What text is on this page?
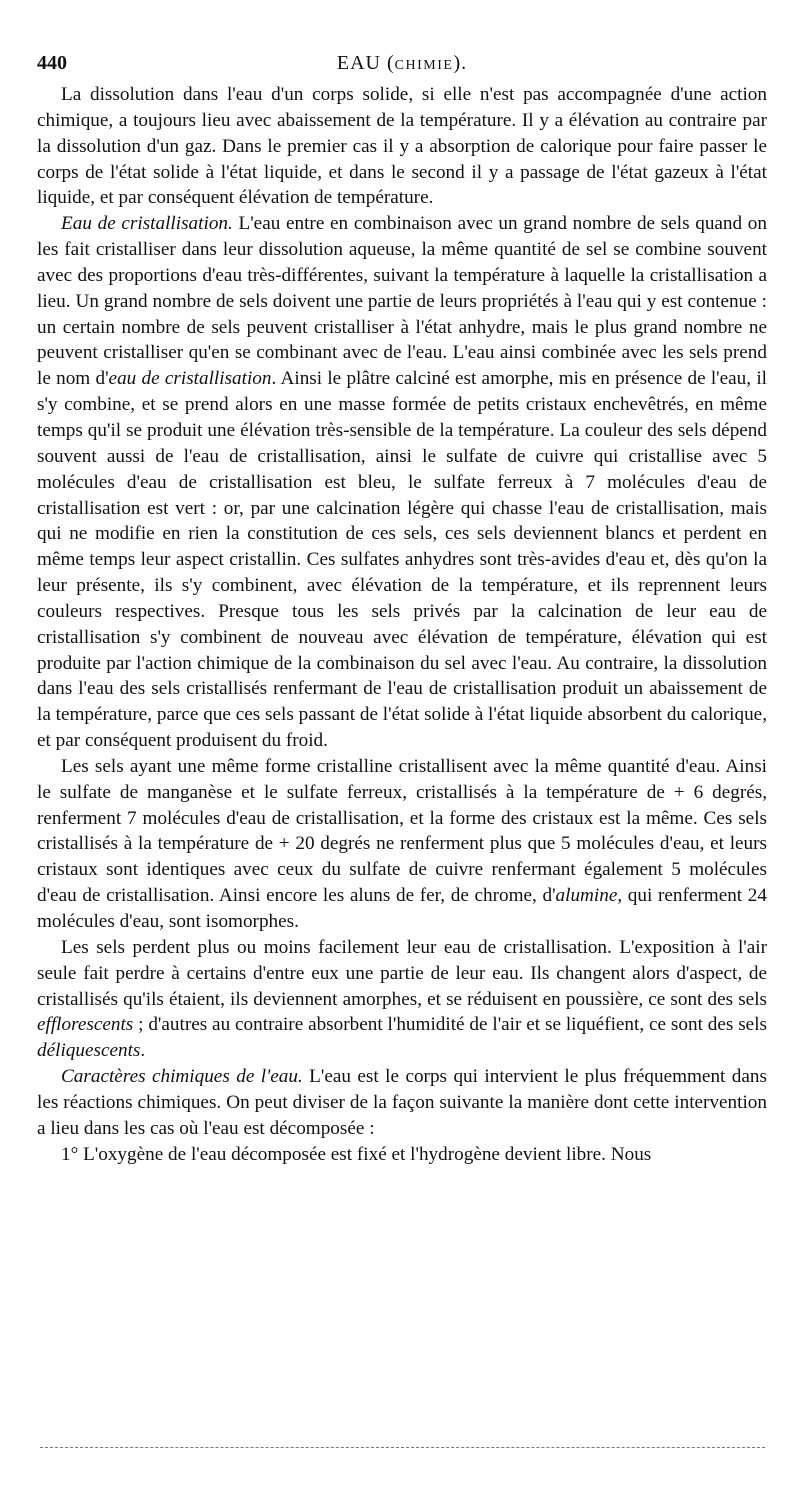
440	EAU (CHIMIE).

La dissolution dans l'eau d'un corps solide, si elle n'est pas accompagnée d'une action chimique, a toujours lieu avec abaissement de la température. Il y a élévation au contraire par la dissolution d'un gaz. Dans le premier cas il y a absorption de calorique pour faire passer le corps de l'état solide à l'état liquide, et dans le second il y a passage de l'état gazeux à l'état liquide, et par conséquent élévation de température.

Eau de cristallisation. L'eau entre en combinaison avec un grand nombre de sels quand on les fait cristalliser dans leur dissolution aqueuse, la même quantité de sel se combine souvent avec des proportions d'eau très-différentes, suivant la température à laquelle la cristallisation a lieu. Un grand nombre de sels doivent une partie de leurs propriétés à l'eau qui y est contenue : un certain nombre de sels peuvent cristalliser à l'état anhydre, mais le plus grand nombre ne peuvent cristalliser qu'en se combinant avec de l'eau. L'eau ainsi combinée avec les sels prend le nom d'eau de cristallisation. Ainsi le plâtre calciné est amorphe, mis en présence de l'eau, il s'y combine, et se prend alors en une masse formée de petits cristaux enchevêtrés, en même temps qu'il se produit une élévation très-sensible de la température. La couleur des sels dépend souvent aussi de l'eau de cristallisation, ainsi le sulfate de cuivre qui cristallise avec 5 molécules d'eau de cristallisation est bleu, le sulfate ferreux à 7 molécules d'eau de cristallisation est vert : or, par une calcination légère qui chasse l'eau de cristallisation, mais qui ne modifie en rien la constitution de ces sels, ces sels deviennent blancs et perdent en même temps leur aspect cristallin. Ces sulfates anhydres sont très-avides d'eau et, dès qu'on la leur présente, ils s'y combinent, avec élévation de la température, et ils reprennent leurs couleurs respectives. Presque tous les sels privés par la calcination de leur eau de cristallisation s'y combinent de nouveau avec élévation de température, élévation qui est produite par l'action chimique de la combinaison du sel avec l'eau. Au contraire, la dissolution dans l'eau des sels cristallisés renfermant de l'eau de cristallisation produit un abaissement de la température, parce que ces sels passant de l'état solide à l'état liquide absorbent du calorique, et par conséquent produisent du froid.

Les sels ayant une même forme cristalline cristallisent avec la même quantité d'eau. Ainsi le sulfate de manganèse et le sulfate ferreux, cristallisés à la température de + 6 degrés, renferment 7 molécules d'eau de cristallisation, et la forme des cristaux est la même. Ces sels cristallisés à la température de + 20 degrés ne renferment plus que 5 molécules d'eau, et leurs cristaux sont identiques avec ceux du sulfate de cuivre renfermant également 5 molécules d'eau de cristallisation. Ainsi encore les aluns de fer, de chrome, d'alumine, qui renferment 24 molécules d'eau, sont isomorphes.

Les sels perdent plus ou moins facilement leur eau de cristallisation. L'exposition à l'air seule fait perdre à certains d'entre eux une partie de leur eau. Ils changent alors d'aspect, de cristallisés qu'ils étaient, ils deviennent amorphes, et se réduisent en poussière, ce sont des sels efflorescents ; d'autres au contraire absorbent l'humidité de l'air et se liquéfient, ce sont des sels déliquescents.

Caractères chimiques de l'eau. L'eau est le corps qui intervient le plus fréquemment dans les réactions chimiques. On peut diviser de la façon suivante la manière dont cette intervention a lieu dans les cas où l'eau est décomposée :

1° L'oxygène de l'eau décomposée est fixé et l'hydrogène devient libre. Nous
